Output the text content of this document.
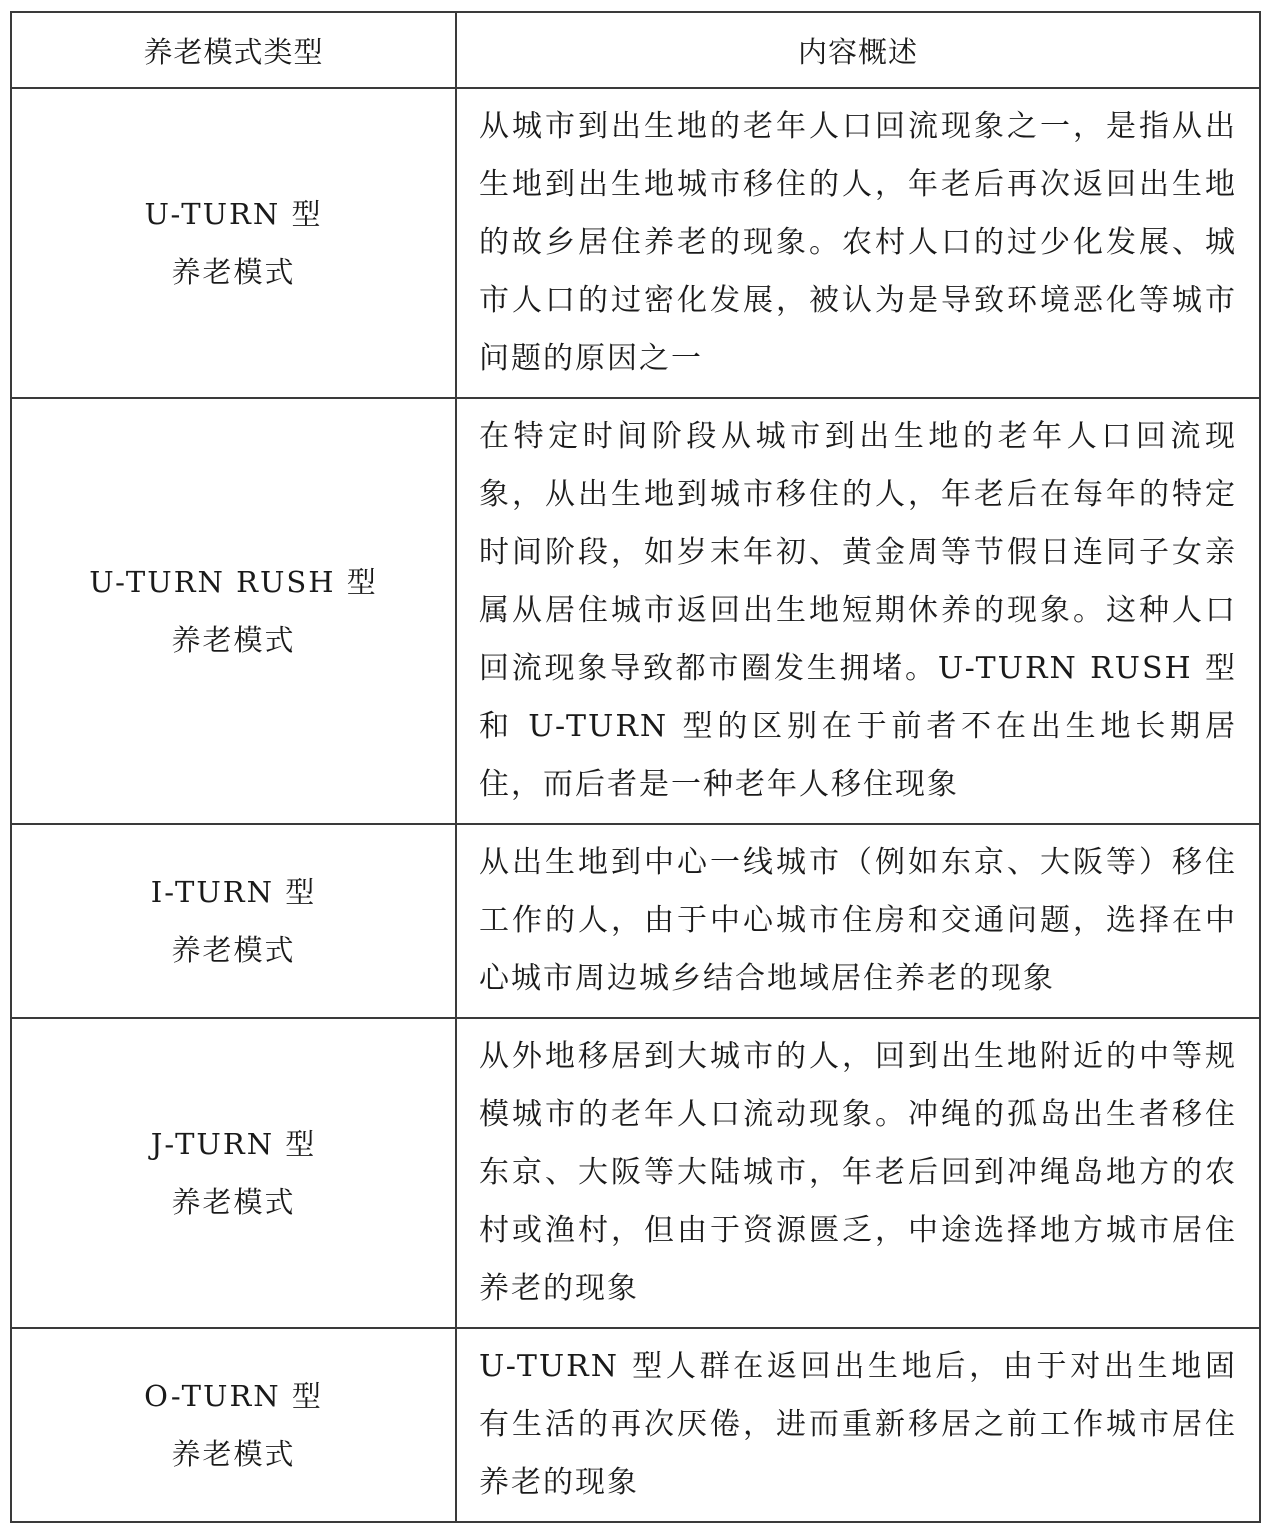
养老模式类型	内容概述

U-TURN 型
养老模式	从城市到出生地的老年人口回流现象之一，是指从出生地到出生地城市移住的人，年老后再次返回出生地的故乡居住养老的现象。农村人口的过少化发展、城市人口的过密化发展，被认为是导致环境恶化等城市问题的原因之一

U-TURN RUSH 型
养老模式	在特定时间阶段从城市到出生地的老年人口回流现象，从出生地到城市移住的人，年老后在每年的特定时间阶段，如岁末年初、黄金周等节假日连同子女亲属从居住城市返回出生地短期休养的现象。这种人口回流现象导致都市圈发生拥堵。U-TURN RUSH 型和 U-TURN 型的区别在于前者不在出生地长期居住，而后者是一种老年人移住现象

I-TURN 型
养老模式	从出生地到中心一线城市（例如东京、大阪等）移住工作的人，由于中心城市住房和交通问题，选择在中心城市周边城乡结合地域居住养老的现象

J-TURN 型
养老模式	从外地移居到大城市的人，回到出生地附近的中等规模城市的老年人口流动现象。冲绳的孤岛出生者移住东京、大阪等大陆城市，年老后回到冲绳岛地方的农村或渔村，但由于资源匮乏，中途选择地方城市居住养老的现象

O-TURN 型
养老模式	U-TURN 型人群在返回出生地后，由于对出生地固有生活的再次厌倦，进而重新移居之前工作城市居住养老的现象
